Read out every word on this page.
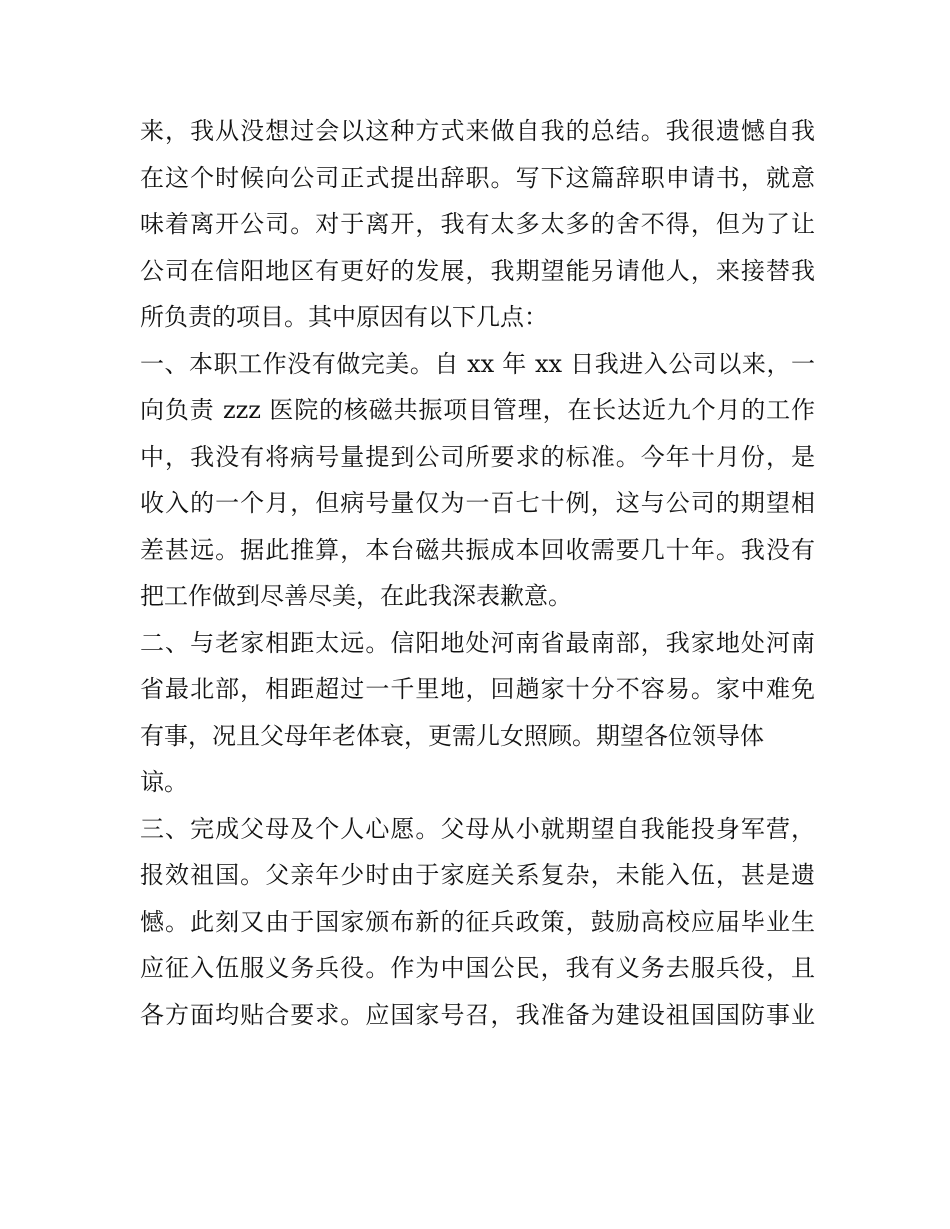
来，我从没想过会以这种方式来做自我的总结。我很遗憾自我
在这个时候向公司正式提出辞职。写下这篇辞职申请书，就意
味着离开公司。对于离开，我有太多太多的舍不得，但为了让
公司在信阳地区有更好的发展，我期望能另请他人，来接替我
所负责的项目。其中原因有以下几点：
一、本职工作没有做完美。自 xx 年 xx 日我进入公司以来，一
向负责 zzz 医院的核磁共振项目管理，在长达近九个月的工作
中，我没有将病号量提到公司所要求的标准。今年十月份，是
收入的一个月，但病号量仅为一百七十例，这与公司的期望相
差甚远。据此推算，本台磁共振成本回收需要几十年。我没有
把工作做到尽善尽美，在此我深表歉意。
二、与老家相距太远。信阳地处河南省最南部，我家地处河南
省最北部，相距超过一千里地，回趟家十分不容易。家中难免
有事，况且父母年老体衰，更需儿女照顾。期望各位领导体
谅。
三、完成父母及个人心愿。父母从小就期望自我能投身军营，
报效祖国。父亲年少时由于家庭关系复杂，未能入伍，甚是遗
憾。此刻又由于国家颁布新的征兵政策，鼓励高校应届毕业生
应征入伍服义务兵役。作为中国公民，我有义务去服兵役，且
各方面均贴合要求。应国家号召，我准备为建设祖国国防事业
